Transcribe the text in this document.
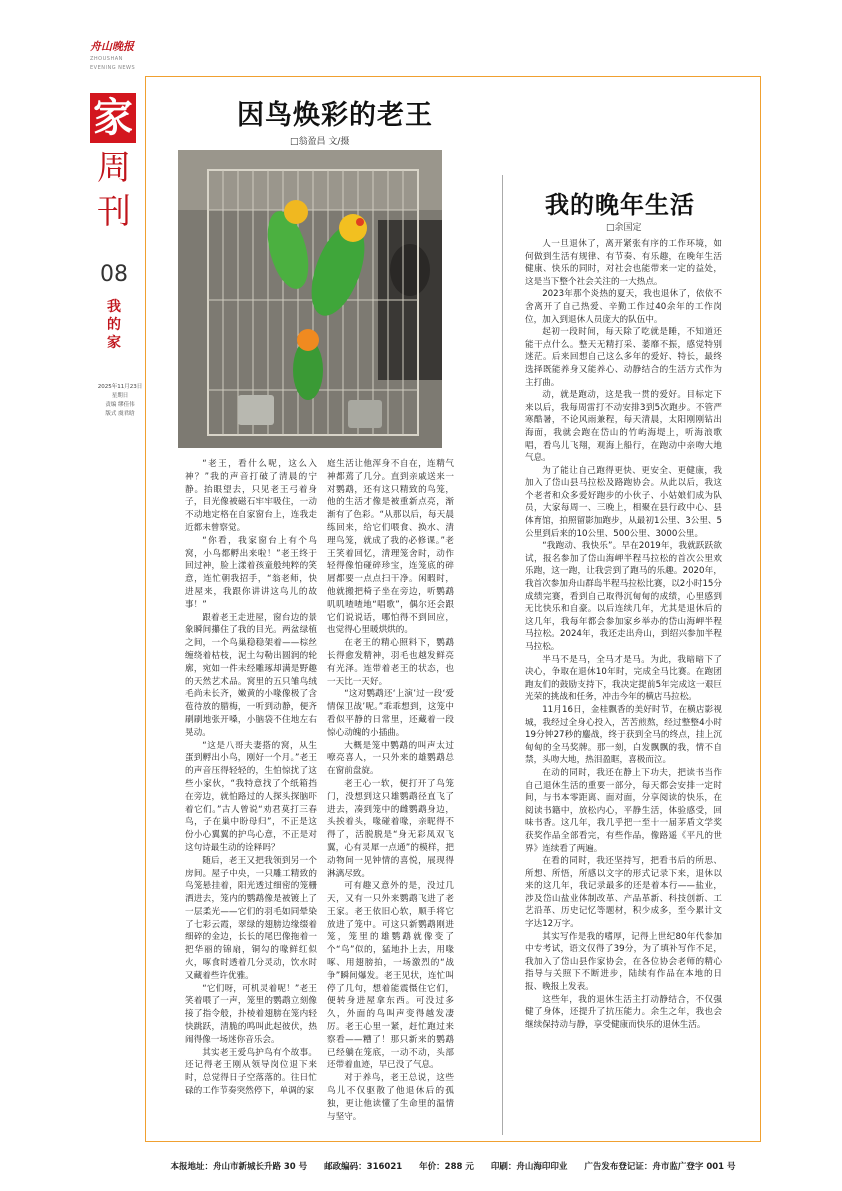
舟山晚报
ZHOUSHAN
EVENING NEWS
家
周刊
08
我的家
2025年11月23日
星期日
责编 缪佳伟
版式 虞君晗
因鸟焕彩的老王
□翁盈昌 文/摄

“老王，看什么呢，这么入神？”我的声音打破了清晨的宁静。抬眼望去，只见老王弓着身子，目光像被磁石牢牢吸住，一动不动地定格在自家窗台上，连我走近都未曾察觉。

“你看，我家窗台上有个鸟窝，小鸟都孵出来啦！”老王终于回过神，脸上漾着孩童般纯粹的笑意，连忙朝我招手，“翁老师，快进屋来，我跟你讲讲这鸟儿的故事！”

跟着老王走进屋，窗台边的景象瞬间攥住了我的目光。两盆绿植之间，一个鸟巢稳稳架着——棕丝缠绕着枯枝，泥土勾勒出圆润的轮廓，宛如一件未经雕琢却满是野趣的天然艺术品。窝里的五只雏鸟绒毛尚未长齐，嫩黄的小喙像极了含苞待放的腊梅，一听到动静，便齐刷刷地张开嗓，小脑袋不住地左右晃动。

“这是八哥夫妻搭的窝，从生蛋到孵出小鸟，刚好一个月。”老王的声音压得轻轻的，生怕惊扰了这些小家伙，“我特意找了个纸箱挡在旁边，就怕路过的人探头探脑吓着它们。”古人曾说“劝君莫打三春鸟，子在巢中盼母归”，不正是这份小心翼翼的护鸟心意，不正是对这句诗最生动的诠释吗？

随后，老王又把我领到另一个房间。屋子中央，一只雕工精致的鸟笼悬挂着，阳光透过细密的笼栅洒进去，笼内的鹦鹉像是被镀上了一层柔光——它们的羽毛如同晕染了七彩云霞，翠绿的翅膀边缘缀着细碎的金边，长长的尾巴像拖着一把华丽的锦扇，铜勾的喙鲜红似火，啄食时透着几分灵动，饮水时又藏着些许优雅。

“它们呀，可机灵着呢！”老王笑着喂了一声，笼里的鹦鹉立刻像接了指令般，扑棱着翅膀在笼内轻快跳跃，清脆的鸣叫此起彼伏，热闹得像一场迷你音乐会。

其实老王爱鸟护鸟有个故事。还记得老王刚从领导岗位退下来时，总觉得日子空落落的。往日忙碌的工作节奏突然停下，单调的家

庭生活让他浑身不自在，连精气神都蔫了几分。直到亲戚送来一对鹦鹉，还有这只精致的鸟笼，他的生活才像是被重新点亮，渐渐有了色彩。“从那以后，每天晨练回来，给它们喂食、换水、清理鸟笼，就成了我的必修课。”老王笑着回忆，清理笼舍时，动作轻得像怕碰碎珍宝，连笼底的碎屑都要一点点扫干净。闲暇时，他就搬把椅子坐在旁边，听鹦鹉叽叽喳喳地“唱歌”，偶尔还会跟它们说说话，哪怕得不到回应，也觉得心里暖烘烘的。

在老王的精心照料下，鹦鹉长得愈发精神，羽毛也越发鲜亮有光泽。连带着老王的状态，也一天比一天好。

“这对鹦鹉还‘上演’过一段‘爱情保卫战’呢。”乖乖想到，这笼中看似平静的日常里，还藏着一段惊心动魄的小插曲。

大概是笼中鹦鹉的叫声太过嘹亮喜人，一只外来的雄鹦鹉总在窗前盘旋。

老王心一软，便打开了鸟笼门，没想到这只雄鹦鹉径直飞了进去，凑到笼中的雌鹦鹉身边，头挨着头，喙碰着喙，亲昵得不得了，活脱脱是“身无彩凤双飞翼，心有灵犀一点通”的模样，把动物间一见钟情的喜悦，展现得淋漓尽致。

可有趣又意外的是，没过几天，又有一只外来鹦鹉飞进了老王家。老王依旧心软，顺手将它放进了笼中。可这只新鹦鹉刚进笼，笼里的雄鹦鹉就像变了个“鸟”似的，猛地扑上去，用喙啄、用翅膀拍，一场激烈的“战争”瞬间爆发。老王见状，连忙叫停了几句，想着能震慑住它们，便转身进屋拿东西。可没过多久，外面的鸟叫声变得越发凄厉。老王心里一紧，赶忙跑过来察看——糟了！那只新来的鹦鹉已经躺在笼底，一动不动，头部还带着血迹，早已没了气息。

对于养鸟，老王总说，这些鸟儿不仅驱散了他退休后的孤独，更让他读懂了生命里的温情与坚守。

我的晚年生活
□余国定

人一旦退休了，离开紧张有序的工作环境，如何做到生活有规律、有节奏、有乐趣，在晚年生活健康、快乐的同时，对社会也能带来一定的益处，这是当下整个社会关注的一大热点。

2023年那个炎热的夏天，我也退休了，依依不舍离开了自己热爱、辛勤工作过40余年的工作岗位，加入到退休人员庞大的队伍中。

起初一段时间，每天除了吃就是睡，不知道还能干点什么。整天无精打采、萎靡不振，感觉特别迷茫。后来回想自己这么多年的爱好、特长，最终选择既能养身又能养心、动静结合的生活方式作为主打曲。

动，就是跑动，这是我一贯的爱好。目标定下来以后，我每周雷打不动安排3到5次跑步。不管严寒酷暑，不论风雨兼程，每天清晨，太阳刚刚钻出海面，我就会跑在岱山的竹屿海堤上，听海浪歌唱，看鸟儿飞翔，观海上船行，在跑动中亲吻大地气息。

为了能让自己跑得更快、更安全、更健康，我加入了岱山县马拉松及路跑协会。从此以后，我这个老者和众多爱好跑步的小伙子、小姑娘们成为队员，大家每周一、三晚上，相聚在县行政中心、县体育馆，拍照留影加跑步，从最初1公里、3公里、5公里到后来的10公里、500公里、3000公里。

“我跑动、我快乐”。早在2019年，我就跃跃欲试，报名参加了岱山海岬半程马拉松的首次公里欢乐跑，这一跑，让我尝到了跑马的乐趣。2020年，我首次参加舟山群岛半程马拉松比赛，以2小时15分成绩完赛，看到自己取得沉甸甸的成绩，心里感到无比快乐和自豪。以后连续几年，尤其是退休后的这几年，我每年都会参加家乡举办的岱山海岬半程马拉松。2024年，我还走出舟山，到绍兴参加半程马拉松。

半马不是马，全马才是马。为此，我暗暗下了决心，争取在退休10年时，完成全马比赛。在跑团跑友们的鼓励支持下，我决定提前5年完成这一艰巨光荣的挑战和任务，冲击今年的横店马拉松。

11月16日，金桂飘香的美好时节，在横店影视城，我经过全身心投入，苦苦煎熬，经过整整4小时19分钟27秒的鏖战，终于获到全马的终点，挂上沉甸甸的全马奖牌。那一刻，白发飘飘的我，情不自禁，头吻大地，热泪盈眶，喜极而泣。

在动的同时，我还在静上下功夫，把读书当作自己退休生活的重要一部分，每天都会安排一定时间，与书本零距离、面对面，分享阅读的快乐，在阅读书籍中，放松内心，平静生活，体验感受，回味书香。这几年，我几乎把一至十一届茅盾文学奖获奖作品全部看完，有些作品，像路遥《平凡的世界》连续看了两遍。

在看的同时，我还坚持写，把看书后的所思、所想、所悟，所感以文字的形式记录下来，退休以来的这几年，我记录最多的还是着本行——盐业，涉及岱山盐业体制改革、产品革新、科技创新、工艺沿革、历史记忆等题材，积少成多，至今累计文字达12万字。

其实写作是我的嗜厚，记得上世纪80年代参加中专考试，语文仅得了39分，为了填补写作不足，我加入了岱山县作家协会，在各位协会老师的精心指导与关照下不断进步，陆续有作品在本地的日报、晚报上发表。

这些年，我的退休生活主打动静结合，不仅强健了身体，还提升了抗压能力。余生之年，我也会继续保持动与静，享受健康而快乐的退休生活。

本报地址：舟山市新城长升路 30 号　　邮政编码：316021　　年价：288 元　　印刷：舟山海印印业　　广告发布登记证：舟市监广登字 001 号
